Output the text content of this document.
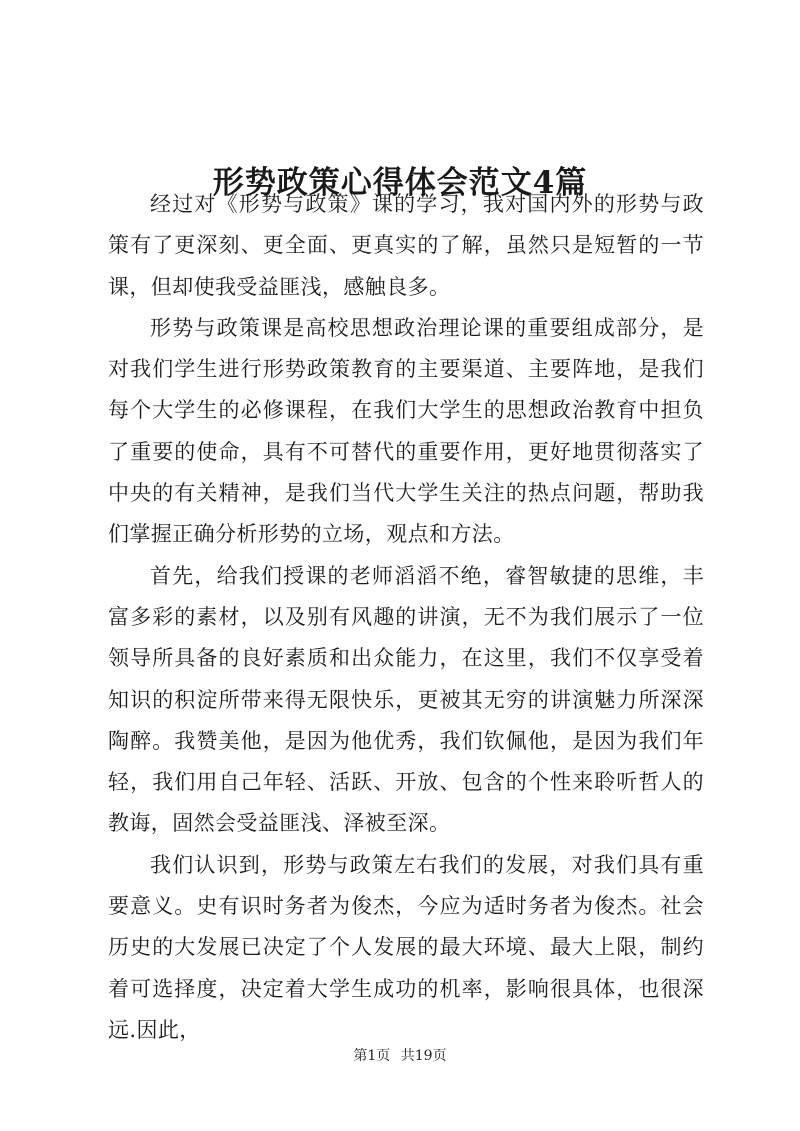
形势政策心得体会范文4篇

经过对《形势与政策》课的学习，我对国内外的形势与政策有了更深刻、更全面、更真实的了解，虽然只是短暂的一节课，但却使我受益匪浅，感触良多。

形势与政策课是高校思想政治理论课的重要组成部分，是对我们学生进行形势政策教育的主要渠道、主要阵地，是我们每个大学生的必修课程，在我们大学生的思想政治教育中担负了重要的使命，具有不可替代的重要作用，更好地贯彻落实了中央的有关精神，是我们当代大学生关注的热点问题，帮助我们掌握正确分析形势的立场，观点和方法。

首先，给我们授课的老师滔滔不绝，睿智敏捷的思维，丰富多彩的素材，以及别有风趣的讲演，无不为我们展示了一位领导所具备的良好素质和出众能力，在这里，我们不仅享受着知识的积淀所带来得无限快乐，更被其无穷的讲演魅力所深深陶醉。我赞美他，是因为他优秀，我们钦佩他，是因为我们年轻，我们用自己年轻、活跃、开放、包含的个性来聆听哲人的教诲，固然会受益匪浅、泽被至深。

我们认识到，形势与政策左右我们的发展，对我们具有重要意义。史有识时务者为俊杰，今应为适时务者为俊杰。社会历史的大发展已决定了个人发展的最大环境、最大上限，制约着可选择度，决定着大学生成功的机率，影响很具体，也很深远.因此，

第1页 共19页
